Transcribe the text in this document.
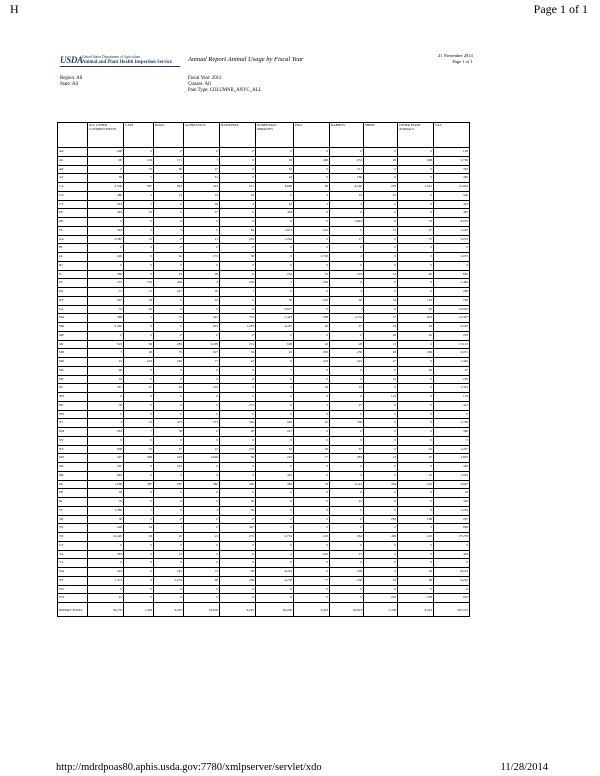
H	Page 1 of 1
USDA United States Department of Agriculture
Animal and Plant Health Inspection Service Annual Report Animal Usage by Fiscal Year
21 November 2014
Page 1 of 1
Region: All
State: All
Fiscal Year: 2013
Classes: All
Pain Type: COLUMNB_ANYC_ALL
	ALL OTHER COVERED SPECIE	CATS	DOGS	GUINEA PIGS	HAMSTERS	NONHUMAN PRIMATES	PIGS	RABBITS	SHEEP	OTHER FARM ANIMALS	Total
AK	208	0	0	0	0	0	0	0	0	0	128
AL	90	134	171	7	0	56	406	252	28	668	1,729
AR	0	76	66	27	0	63	0	211	0	0	363
AZ	58	5	2	61	0	23	0	186	6	0	482
CA	2,506	387	863	243	211	6,848	66	8,246	229	1,561	21,024
CO	480	2	23	22	22	0	3	22	22	0	546
CT	243	1	6	29	3	42	2	2	0	0	423
DC	463	22	0	27	0	463	0	0	0	0	465
DE	0	0	0	0	0	0	0	2,843	0	76	6,019
FL	363	2	3	0	84	1,813	222	0	31	27	1,223
GA	2,387	12	0	21	263	1,264	0	17	0	57	3,223
HI	0	0	0	0	0	0	0	0	0	0	0
IA	226	0	42	172	58	0	2,726	2	0	3	1,072
ID	0	0	0	0	0	0	0	0	0	0	6
IL	289	0	23	28	0	232	23	163	14	40	865
IN	272	233	464	2	292	2	263	6	0	0	1,484
KS	37	12	227	26	7	0	0	2	0	0	289
KY	267	34	0	22	0	39	223	26	34	163	748
LA	32	42	0	0	0	9,877	0	1	0	92	10,063
MA	388	1	72	422	712	1,423	568	1,134	37	623	12,307
MD	2,362	0	0	623	1,283	4,267	20	47	18	64	9,223
ME	0	0	0	0	0	0	0	0	26	62	203
MI	523	69	283	2,479	274	628	22	28	13	2	17,123
MN	7	26	79	627	34	22	263	236	28	236	2,072
MO	22	223	263	77	22	0	474	222	27	0	1,364
MS	48	0	0	0	0	7	0	0	0	26	97
MT	16	0	0	0	6	0	0	0	16	0	218
NC	367	47	49	792	0	2	36	23	6	0	1,323
ND	0	0	0	0	0	0	0	0	123	0	123
NE	36	0	0	0	275	0	2	27	0	0	412
NH	0	0	0	0	0	0	0	0	0	0	0
NJ	2	12	473	373	364	692	22	336	0	0	2,708
NM	263	7	38	0	28	227	0	0	0	0	386
NV	0	0	0	0	0	0	0	0	0	0	0
NY	908	33	67	22	233	63	36	67	0	42	1,207
OH	407	368	223	3,026	36	223	27	283	13	47	2,893
OK	207	0	223	0	0	0	0	0	0	0	346
OR	862	0	0	0	0	463	0	0	0	22	1,063
PA	1,208	387	267	282	426	384	76	2,212	394	222	6,667
PR	18	0	0	0	0	0	0	0	0	0	18
RI	76	0	0	0	26	0	0	22	0	0	363
SC	1,380	1	6	2	39	0	0	0	6	0	1,234
SD	38	0	0	0	0	2	0	0	283	188	287
TN	228	24	3	0	427	0	0	0	2	2	869
TX	12,420	29	22	22	272	2,734	222	264	406	222	27,278
UT	0	0	0	0	0	0	0	0	0	0	0
VA	283	2	12	0	0	2	222	27	0	0	404
VT	0	0	0	0	0	0	0	0	0	0	0
WA	422	0	222	72	38	6,223	0	728	2	36	8,224
WI	1,372	4	3,253	48	238	4,276	77	238	18	48	6,232
WV	0	0	0	0	0	0	0	0	0	0	0
WY	22	0	0	0	0	0	0	0	222	238	603
REPORT TOTAL	36,776	1,304	6,203	24,630	6,225	63,248	3,203	29,623	1,328	6,243	207,223
http://mdrdpoas80.aphis.usda.gov:7780/xmlpserver/servlet/xdo	11/28/2014
